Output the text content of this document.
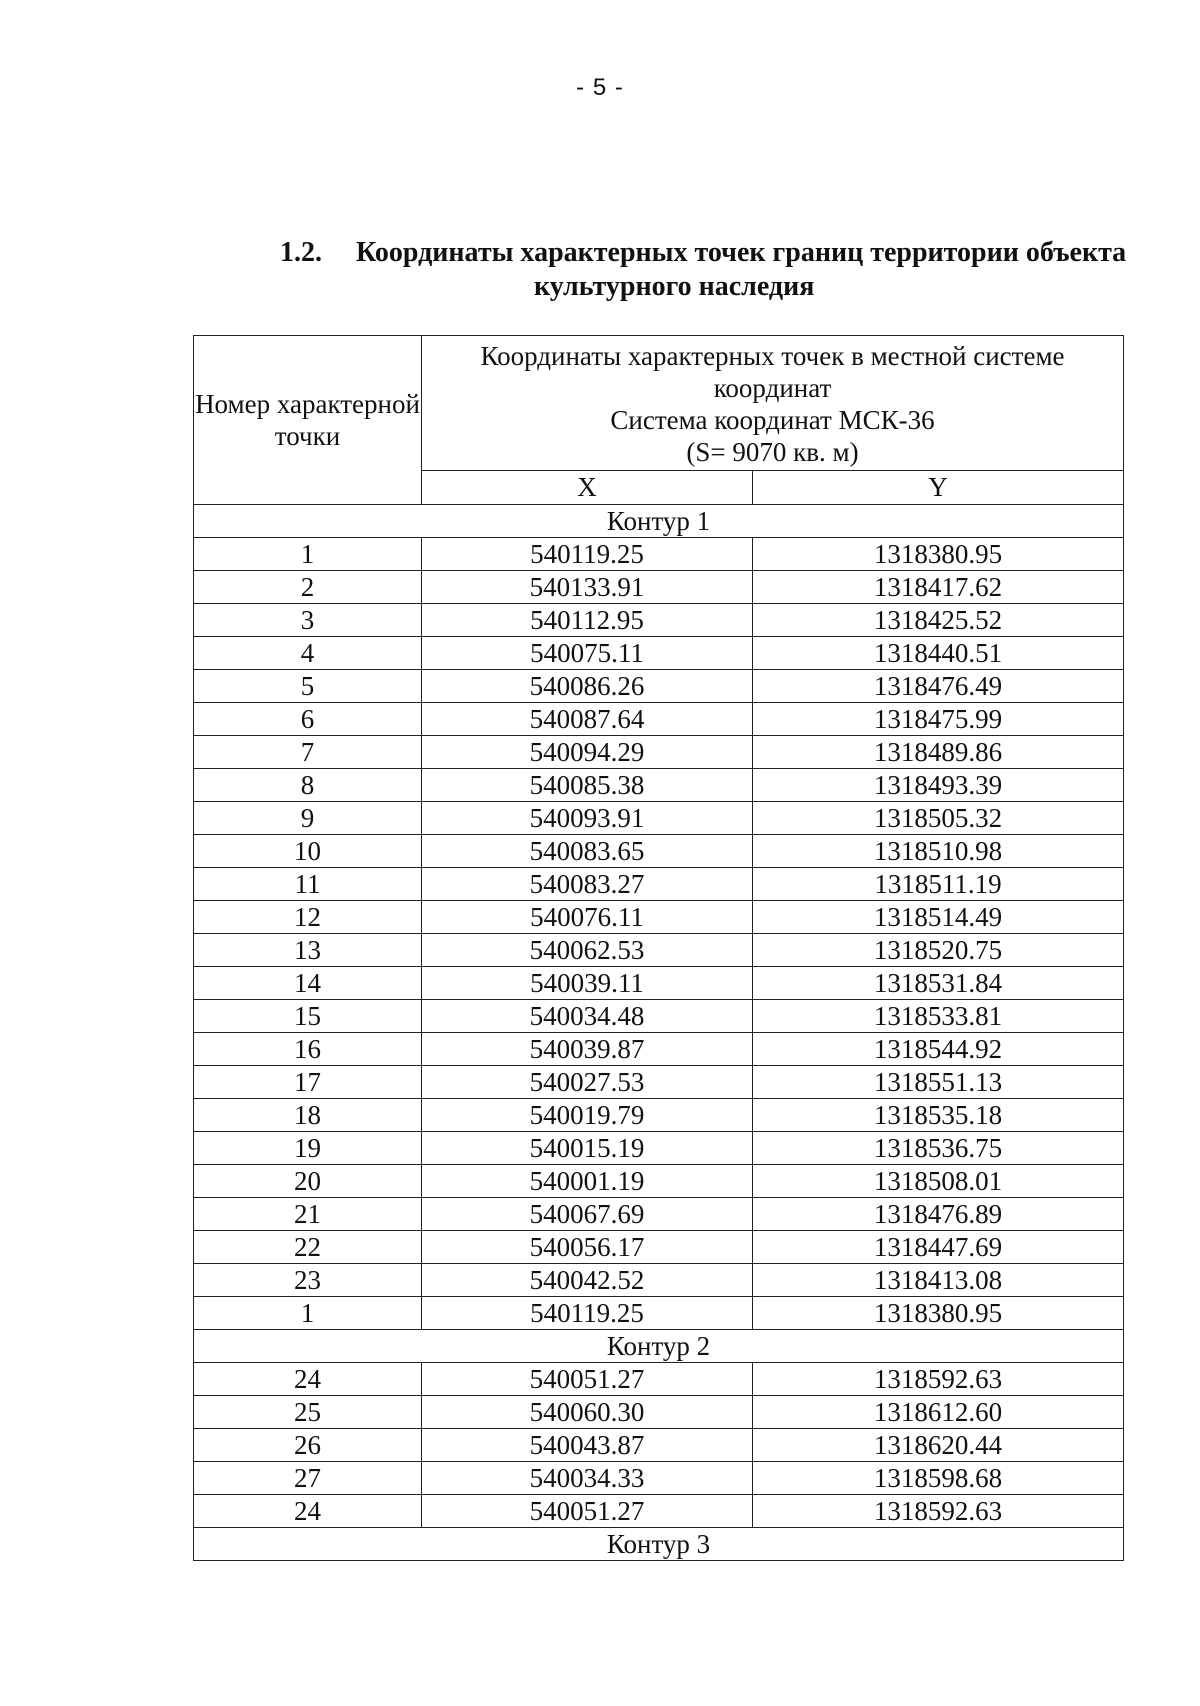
- 5 -
1.2. Координаты характерных точек границ территории объекта
культурного наследия
Номер характерной точки	Координаты характерных точек в местной системе
координат
Система координат МСК-36
(S= 9070 кв. м)	

	X	Y
Контур 1		
1	540119.25	1318380.95
2	540133.91	1318417.62
3	540112.95	1318425.52
4	540075.11	1318440.51
5	540086.26	1318476.49
6	540087.64	1318475.99
7	540094.29	1318489.86
8	540085.38	1318493.39
9	540093.91	1318505.32
10	540083.65	1318510.98
11	540083.27	1318511.19
12	540076.11	1318514.49
13	540062.53	1318520.75
14	540039.11	1318531.84
15	540034.48	1318533.81
16	540039.87	1318544.92
17	540027.53	1318551.13
18	540019.79	1318535.18
19	540015.19	1318536.75
20	540001.19	1318508.01
21	540067.69	1318476.89
22	540056.17	1318447.69
23	540042.52	1318413.08
1	540119.25	1318380.95
Контур 2		
24	540051.27	1318592.63
25	540060.30	1318612.60
26	540043.87	1318620.44
27	540034.33	1318598.68
24	540051.27	1318592.63
Контур 3		
